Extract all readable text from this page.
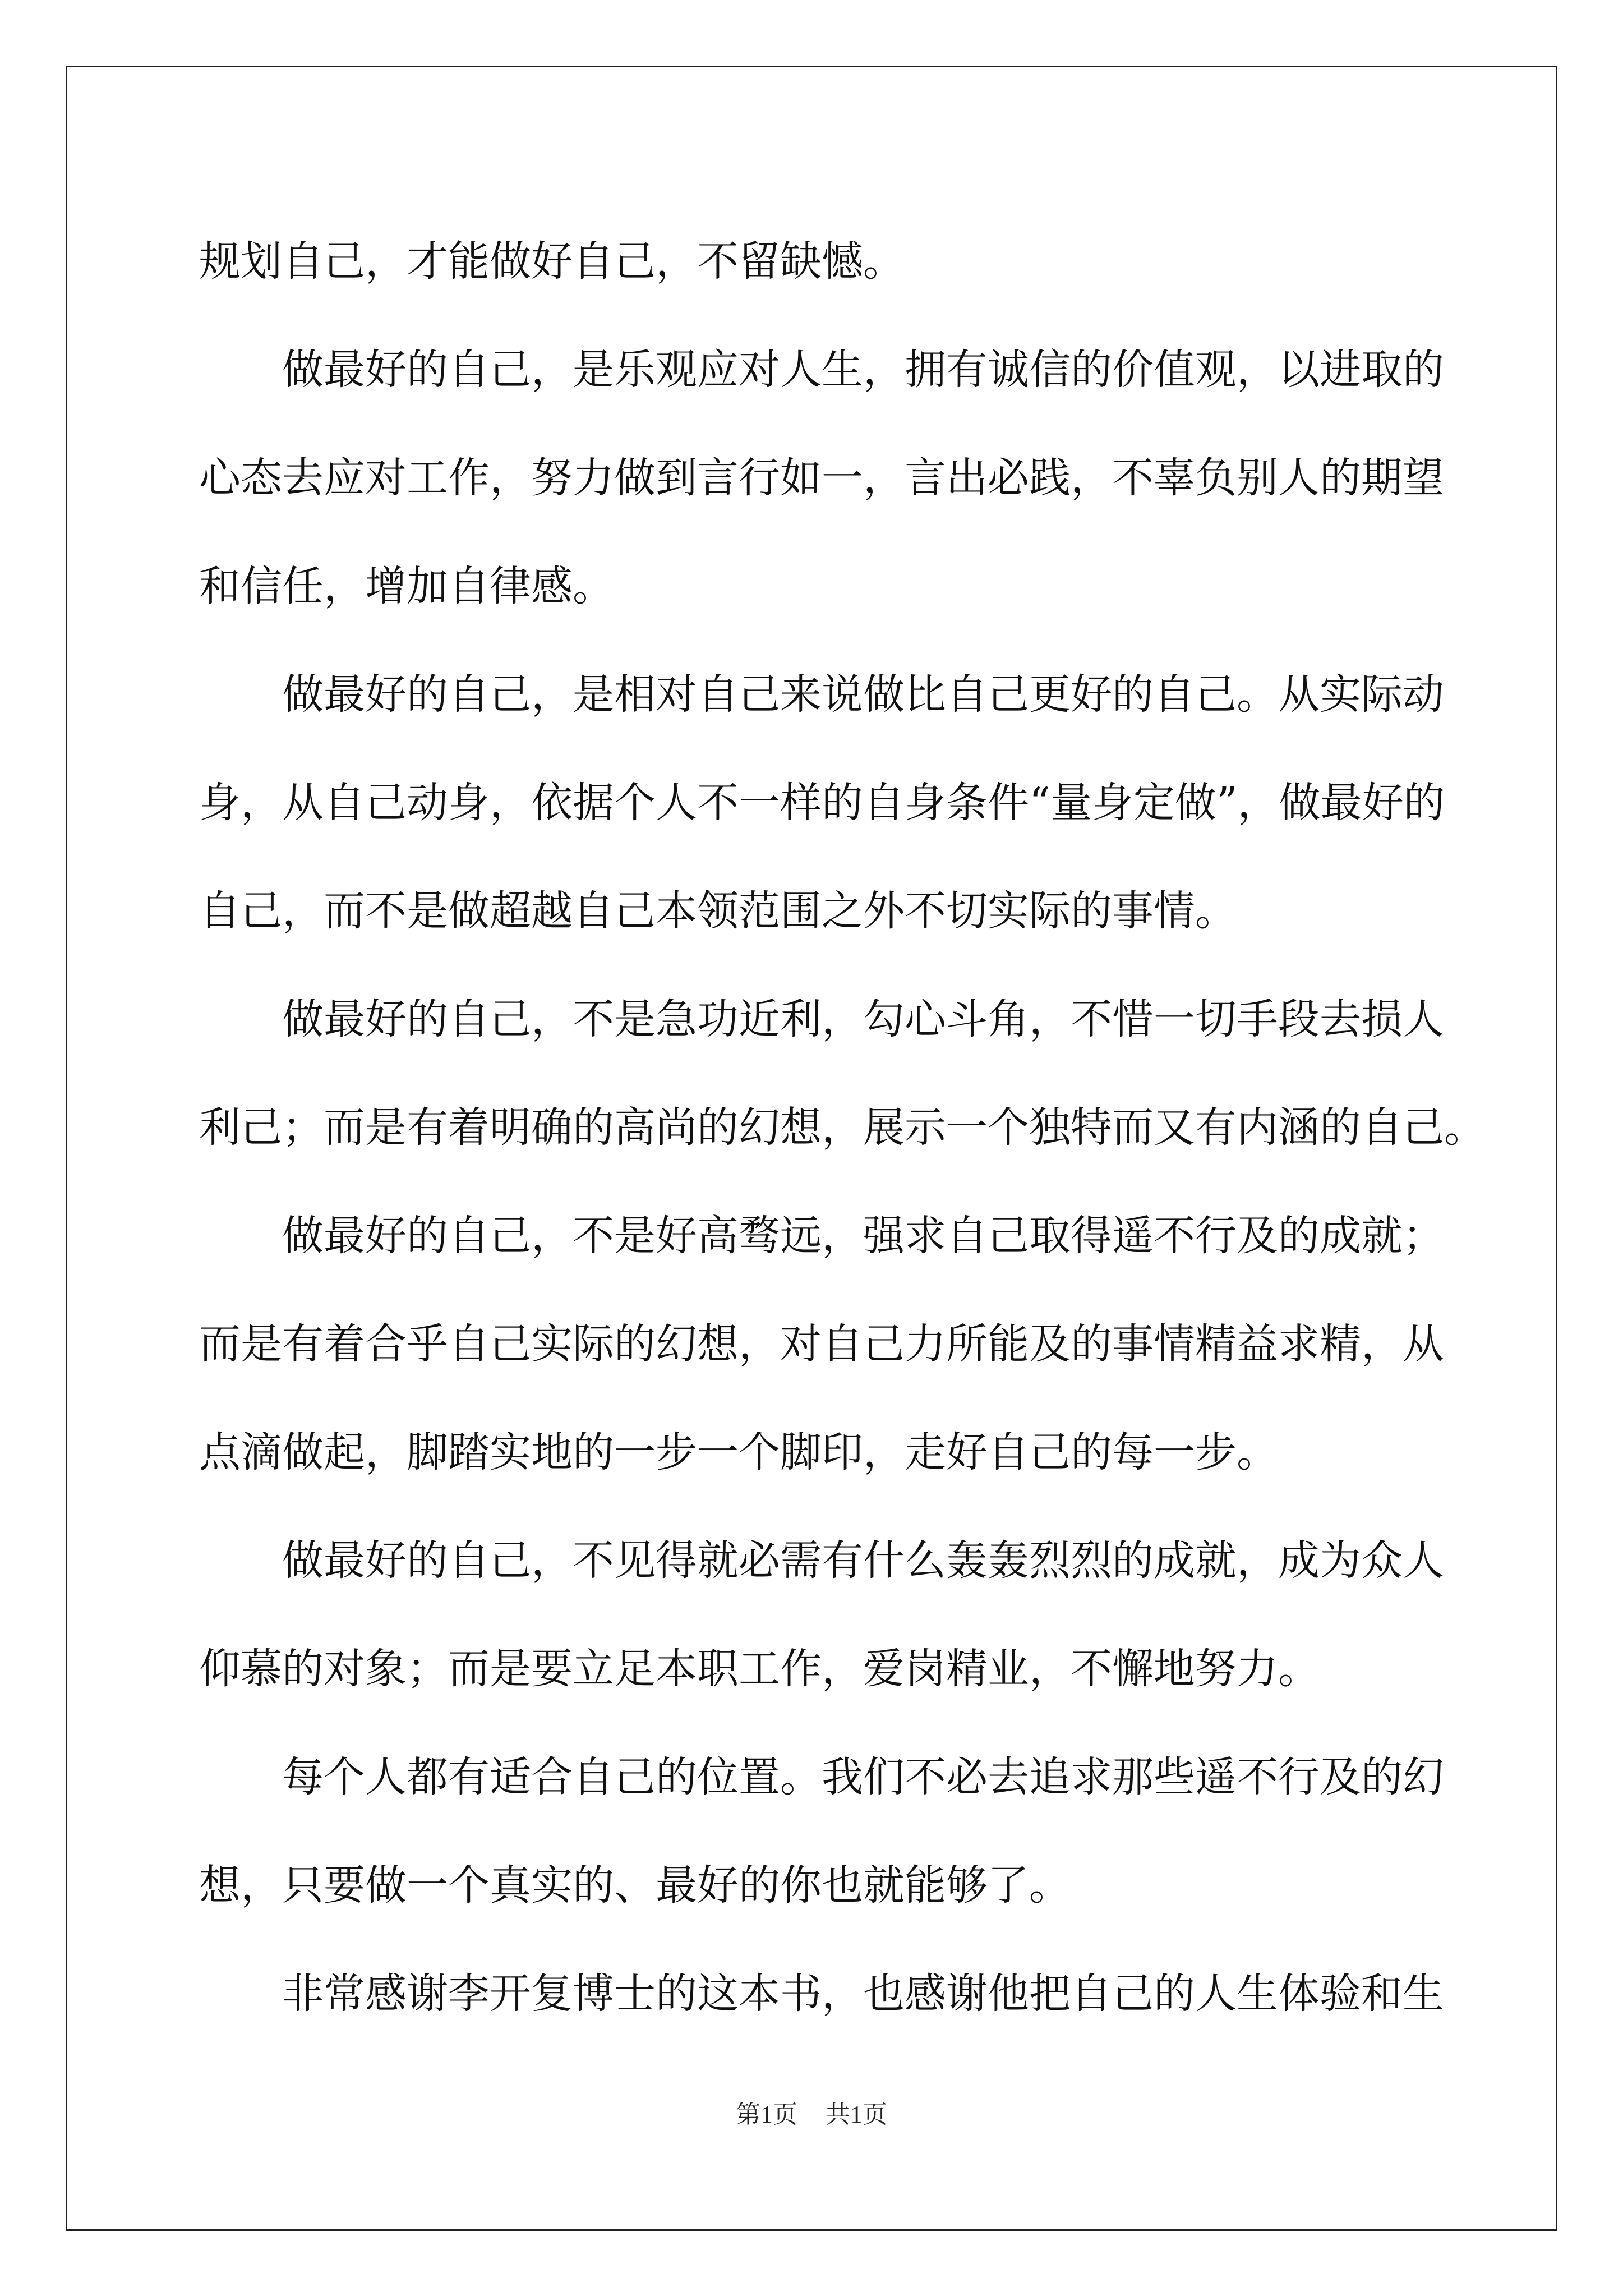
规划自己，才能做好自己，不留缺憾。
做最好的自己，是乐观应对人生，拥有诚信的价值观，以进取的
心态去应对工作，努力做到言行如一，言出必践，不辜负别人的期望
和信任，增加自律感。
做最好的自己，是相对自己来说做比自己更好的自己。从实际动
身，从自己动身，依据个人不一样的自身条件“量身定做”，做最好的
自己，而不是做超越自己本领范围之外不切实际的事情。
做最好的自己，不是急功近利，勾心斗角，不惜一切手段去损人
利己；而是有着明确的高尚的幻想，展示一个独特而又有内涵的自己。
做最好的自己，不是好高骛远，强求自己取得遥不行及的成就；
而是有着合乎自己实际的幻想，对自己力所能及的事情精益求精，从
点滴做起，脚踏实地的一步一个脚印，走好自己的每一步。
做最好的自己，不见得就必需有什么轰轰烈烈的成就，成为众人
仰慕的对象；而是要立足本职工作，爱岗精业，不懈地努力。
每个人都有适合自己的位置。我们不必去追求那些遥不行及的幻
想，只要做一个真实的、最好的你也就能够了。
非常感谢李开复博士的这本书，也感谢他把自己的人生体验和生
第1页 共1页
